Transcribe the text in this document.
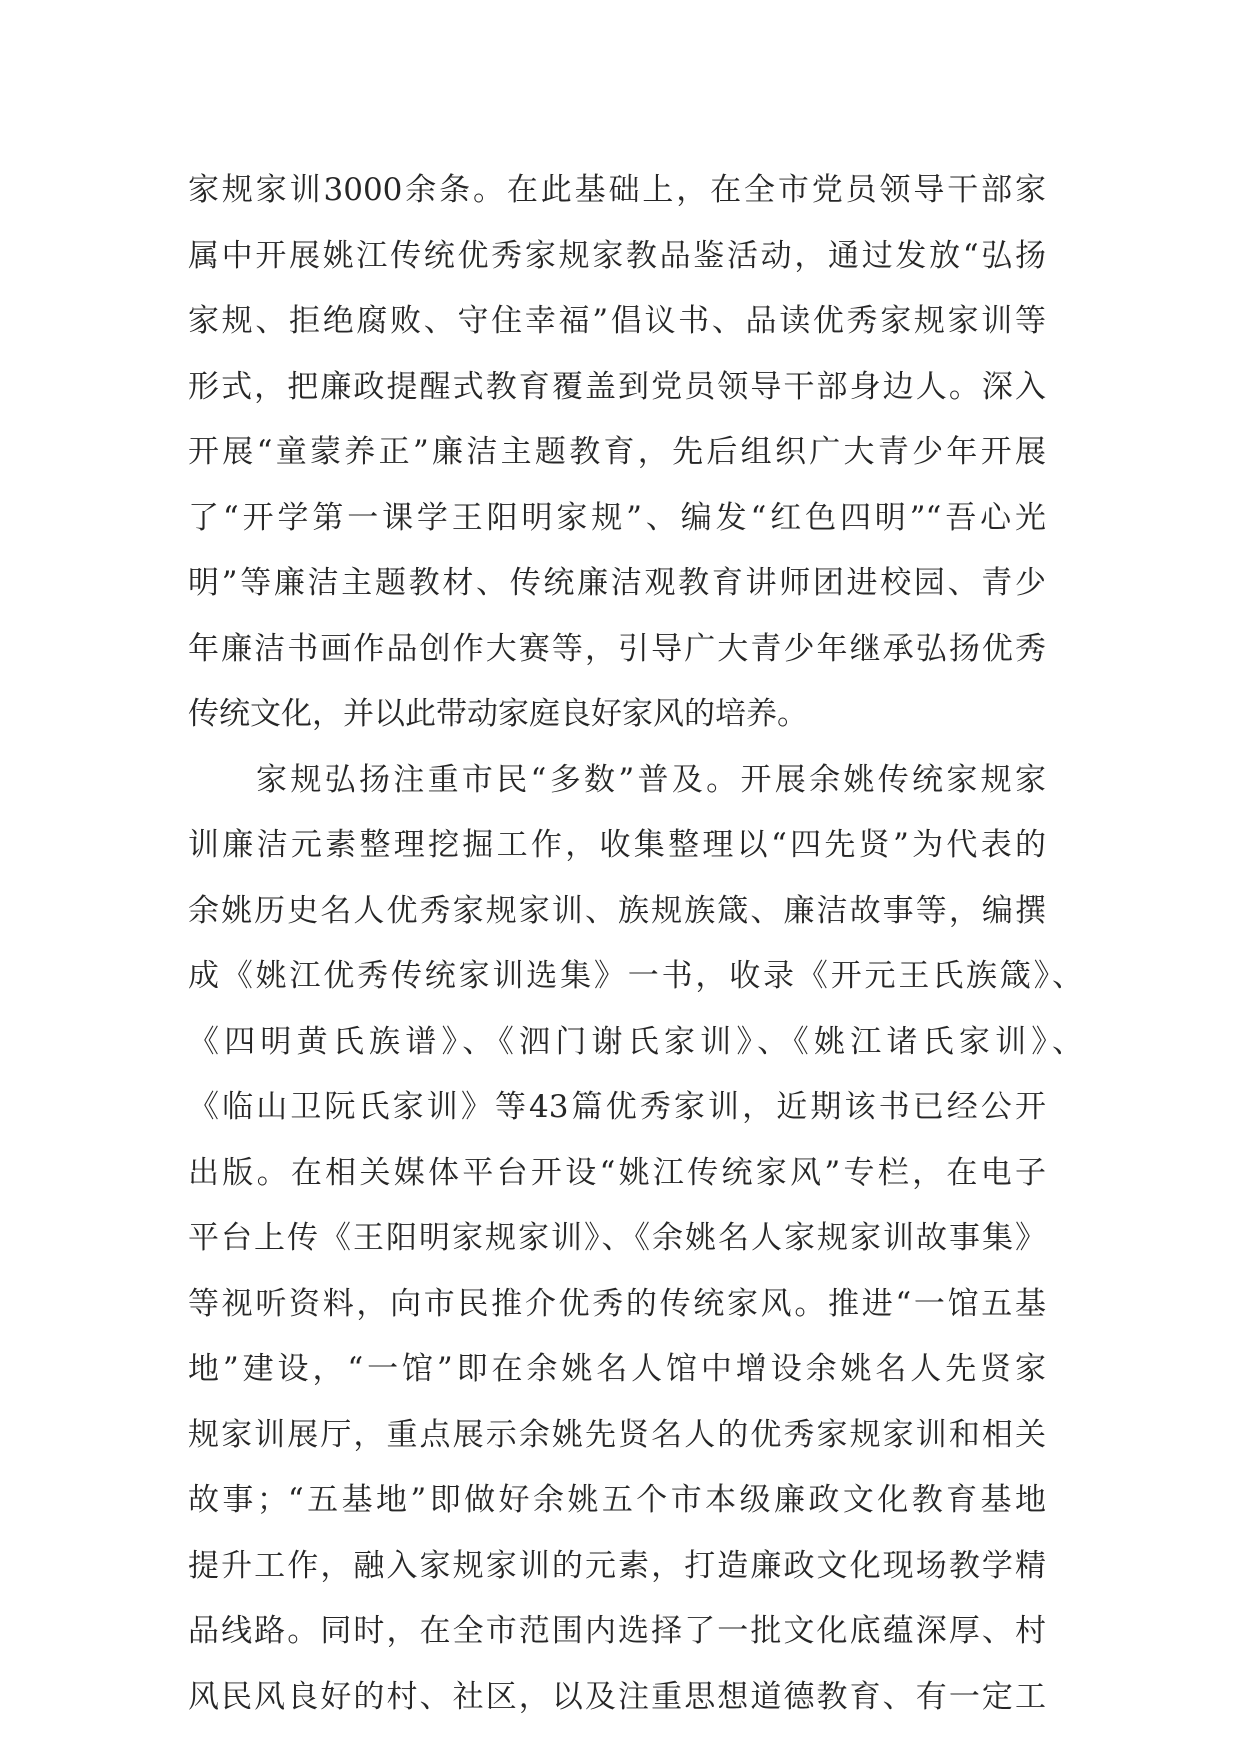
家规家训3000余条。在此基础上，在全市党员领导干部家
属中开展姚江传统优秀家规家教品鉴活动，通过发放“弘扬
家规、拒绝腐败、守住幸福”倡议书、品读优秀家规家训等
形式，把廉政提醒式教育覆盖到党员领导干部身边人。深入
开展“童蒙养正”廉洁主题教育，先后组织广大青少年开展
了“开学第一课学王阳明家规”、编发“红色四明”“吾心光
明”等廉洁主题教材、传统廉洁观教育讲师团进校园、青少
年廉洁书画作品创作大赛等，引导广大青少年继承弘扬优秀
传统文化，并以此带动家庭良好家风的培养。
家规弘扬注重市民“多数”普及。开展余姚传统家规家
训廉洁元素整理挖掘工作，收集整理以“四先贤”为代表的
余姚历史名人优秀家规家训、族规族箴、廉洁故事等，编撰
成《姚江优秀传统家训选集》一书，收录《开元王氏族箴》、
《四明黄氏族谱》、《泗门谢氏家训》、《姚江诸氏家训》、
《临山卫阮氏家训》等43篇优秀家训，近期该书已经公开
出版。在相关媒体平台开设“姚江传统家风”专栏，在电子
平台上传《王阳明家规家训》、《余姚名人家规家训故事集》
等视听资料，向市民推介优秀的传统家风。推进“一馆五基
地”建设，“一馆”即在余姚名人馆中增设余姚名人先贤家
规家训展厅，重点展示余姚先贤名人的优秀家规家训和相关
故事；“五基地”即做好余姚五个市本级廉政文化教育基地
提升工作，融入家规家训的元素，打造廉政文化现场教学精
品线路。同时，在全市范围内选择了一批文化底蕴深厚、村
风民风良好的村、社区，以及注重思想道德教育、有一定工
